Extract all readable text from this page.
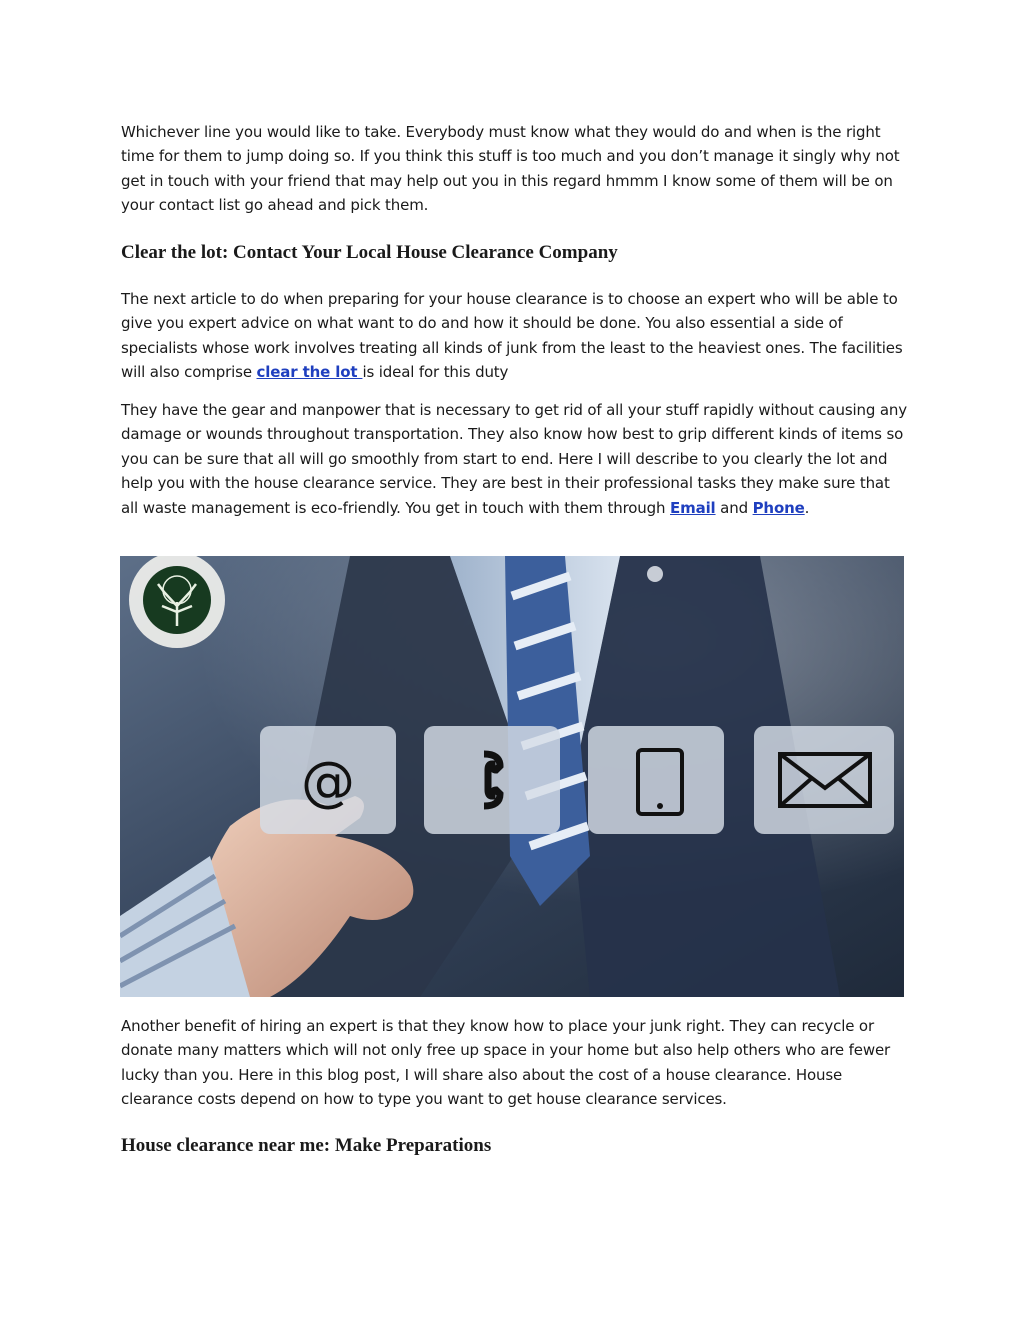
Whichever line you would like to take. Everybody must know what they would do and when is the right time for them to jump doing so. If you think this stuff is too much and you don’t manage it singly why not get in touch with your friend that may help out you in this regard hmmm I know some of them will be on your contact list go ahead and pick them.

Clear the lot: Contact Your Local House Clearance Company

The next article to do when preparing for your house clearance is to choose an expert who will be able to give you expert advice on what want to do and how it should be done. You also essential a side of specialists whose work involves treating all kinds of junk from the least to the heaviest ones. The facilities will also comprise clear the lot is ideal for this duty

They have the gear and manpower that is necessary to get rid of all your stuff rapidly without causing any damage or wounds throughout transportation. They also know how best to grip different kinds of items so you can be sure that all will go smoothly from start to end. Here I will describe to you clearly the lot and help you with the house clearance service. They are best in their professional tasks they make sure that all waste management is eco-friendly. You get in touch with them through Email and Phone.

@

Another benefit of hiring an expert is that they know how to place your junk right. They can recycle or donate many matters which will not only free up space in your home but also help others who are fewer lucky than you. Here in this blog post, I will share also about the cost of a house clearance. House clearance costs depend on how to type you want to get house clearance services.

House clearance near me: Make Preparations
